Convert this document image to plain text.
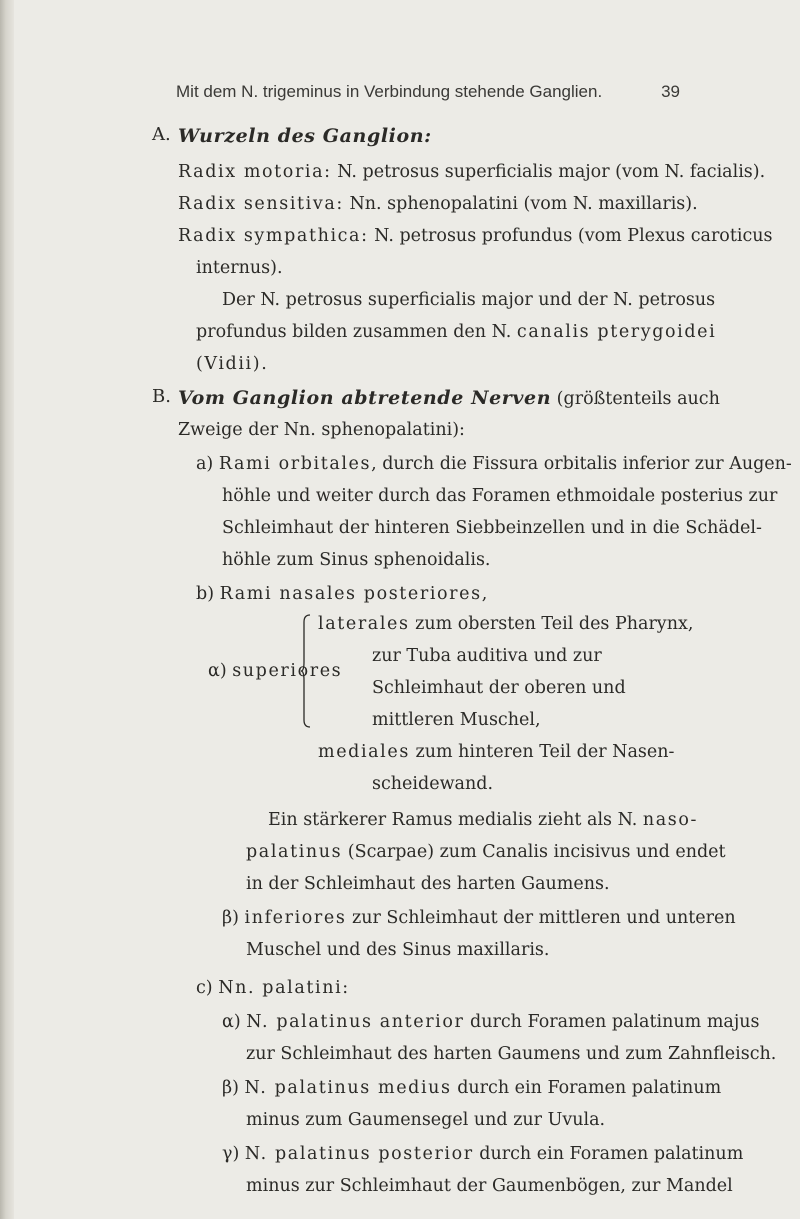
Mit dem N. trigeminus in Verbindung stehende Ganglien.	39
A. Wurzeln des Ganglion:
Radix motoria: N. petrosus superficialis major (vom N. facialis).
Radix sensitiva: Nn. sphenopalatini (vom N. maxillaris).
Radix sympathica: N. petrosus profundus (vom Plexus caroticus
internus).
Der N. petrosus superficialis major und der N. petrosus
profundus bilden zusammen den N. canalis pterygoidei
(Vidii).
B. Vom Ganglion abtretende Nerven (größtenteils auch
Zweige der Nn. sphenopalatini):
a) Rami orbitales, durch die Fissura orbitalis inferior zur Augen-
höhle und weiter durch das Foramen ethmoidale posterius zur
Schleimhaut der hinteren Siebbeinzellen und in die Schädel-
höhle zum Sinus sphenoidalis.
b) Rami nasales posteriores,
α) superiores
laterales zum obersten Teil des Pharynx,
zur Tuba auditiva und zur
Schleimhaut der oberen und
mittleren Muschel,
mediales zum hinteren Teil der Nasen-
scheidewand.
Ein stärkerer Ramus medialis zieht als N. naso-
palatinus (Scarpae) zum Canalis incisivus und endet
in der Schleimhaut des harten Gaumens.
β) inferiores zur Schleimhaut der mittleren und unteren
Muschel und des Sinus maxillaris.
c) Nn. palatini:
α) N. palatinus anterior durch Foramen palatinum majus
zur Schleimhaut des harten Gaumens und zum Zahnfleisch.
β) N. palatinus medius durch ein Foramen palatinum
minus zum Gaumensegel und zur Uvula.
γ) N. palatinus posterior durch ein Foramen palatinum
minus zur Schleimhaut der Gaumenbögen, zur Mandel
